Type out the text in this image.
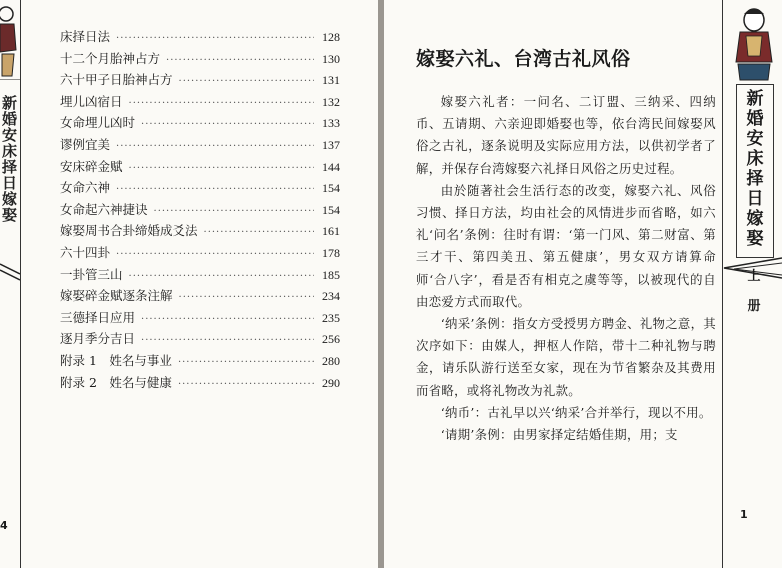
新婚安床择日嫁娶
4
床择日法 ·····	128
十二个月胎神占方 ·····	130
六十甲子日胎神占方 ·····	131
埋儿凶宿日 ·····	132
女命埋儿凶时 ·····	133
谬例宜美 ·····	137
安床碎金赋 ·····	144
女命六神 ·····	154
女命起六神捷诀 ·····	154
嫁娶周书合卦缔婚成爻法 ·····	161
六十四卦 ·····	178
一卦管三山 ·····	185
嫁娶碎金赋逐条注解 ·····	234
三德择日应用 ·····	235
逐月季分吉日 ·····	256
附录 1　姓名与事业 ·····	280
附录 2　姓名与健康 ·····	290
嫁娶六礼、台湾古礼风俗

嫁娶六礼者：一问名、二订盟、三纳采、四纳币、五请期、六亲迎即婚娶也等，依台湾民间嫁娶风俗之古礼，逐条说明及实际应用方法，以供初学者了解，并保存台湾嫁娶六礼择日风俗之历史过程。

由於随著社会生活行态的改变，嫁娶六礼、风俗习惯、择日方法，均由社会的风情进步而省略，如六礼‘问名’条例：往时有谓：‘第一门风、第二财富、第三才干、第四美丑、第五健康’，男女双方请算命师‘合八字’，看是否有相克之虞等等，以被现代的自由恋爱方式而取代。

‘纳采’条例：指女方受授男方聘金、礼物之意，其次序如下：由媒人，押枢人作陪，带十二种礼物与聘金，请乐队游行送至女家，现在为节省繁杂及其费用而省略，或将礼物改为礼款。

‘纳币’：古礼早以兴‘纳采’合并举行，现以不用。

‘请期’条例：由男家择定结婚佳期，用；支

新婚安床择日嫁娶
上册
1
